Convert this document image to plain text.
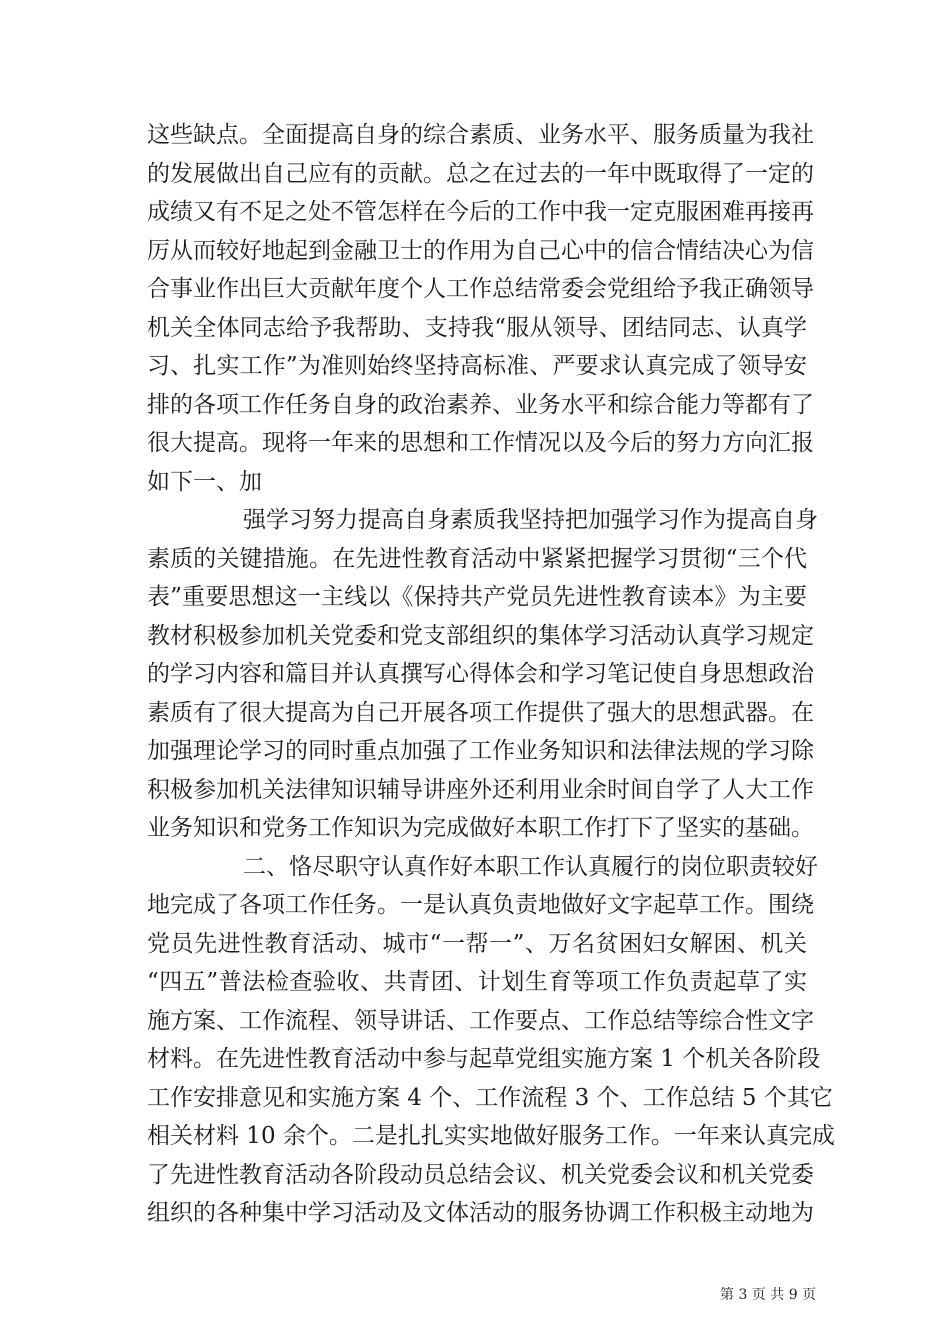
这些缺点。全面提高自身的综合素质、业务水平、服务质量为我社
的发展做出自己应有的贡献。总之在过去的一年中既取得了一定的
成绩又有不足之处不管怎样在今后的工作中我一定克服困难再接再
厉从而较好地起到金融卫士的作用为自己心中的信合情结决心为信
合事业作出巨大贡献年度个人工作总结常委会党组给予我正确领导
机关全体同志给予我帮助、支持我“服从领导、团结同志、认真学
习、扎实工作”为准则始终坚持高标准、严要求认真完成了领导安
排的各项工作任务自身的政治素养、业务水平和综合能力等都有了
很大提高。现将一年来的思想和工作情况以及今后的努力方向汇报
如下一、加
强学习努力提高自身素质我坚持把加强学习作为提高自身
素质的关键措施。在先进性教育活动中紧紧把握学习贯彻“三个代
表”重要思想这一主线以《保持共产党员先进性教育读本》为主要
教材积极参加机关党委和党支部组织的集体学习活动认真学习规定
的学习内容和篇目并认真撰写心得体会和学习笔记使自身思想政治
素质有了很大提高为自己开展各项工作提供了强大的思想武器。在
加强理论学习的同时重点加强了工作业务知识和法律法规的学习除
积极参加机关法律知识辅导讲座外还利用业余时间自学了人大工作
业务知识和党务工作知识为完成做好本职工作打下了坚实的基础。
二、恪尽职守认真作好本职工作认真履行的岗位职责较好
地完成了各项工作任务。一是认真负责地做好文字起草工作。围绕
党员先进性教育活动、城市“一帮一”、万名贫困妇女解困、机关
“四五”普法检查验收、共青团、计划生育等项工作负责起草了实
施方案、工作流程、领导讲话、工作要点、工作总结等综合性文字
材料。在先进性教育活动中参与起草党组实施方案 1 个机关各阶段
工作安排意见和实施方案 4 个、工作流程 3 个、工作总结 5 个其它
相关材料 10 余个。二是扎扎实实地做好服务工作。一年来认真完成
了先进性教育活动各阶段动员总结会议、机关党委会议和机关党委
组织的各种集中学习活动及文体活动的服务协调工作积极主动地为
第 3 页 共 9 页
